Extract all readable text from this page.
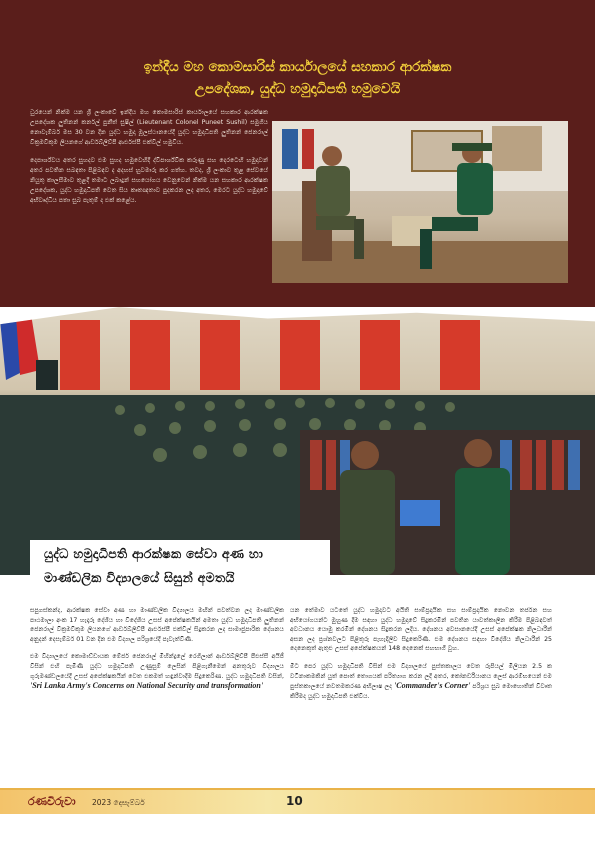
ඉන්දීය මහ කොමසාරිස් කාර්යාලයේ සහකාර ආරක්ෂක
උපදේශක, යුද්ධ හමුදාධිපති හමුවෙයි

ධුරයෙන් නික්ම යන ශ්‍රී ලංකාවේ ඉන්දීය මහ කොමසාරිස් කාර්යාලයේ සහකාර ආරක්ෂක උපදේශක ලුතිනන් කර්නල් පුනීත් සුෂිල් (Lieutenant Colonel Puneet Sushil) සමුගිය නොවැම්බර් මස 30 වන දින යුද්ධ හමුදා මූලස්ථානයේදී යුද්ධ හමුදාධිපති ලුතිනන් ජෙනරාල් වික්‍රමවිකුම ලියනගේ ආර්ඩබ්ලිව්පී ආර්එස්පී එක්වීල් හමුවිය.

දෙපාර්ශ්වය අතර සුහදව එම සුහද හමුවෙහිදී ද්විපාර්ශ්වික කරුණු සහ දෙරටෙහි හමුදාවන් අතර පවතින සබඳතා පිළිබඳව ද අදහස් හුවමාරු කර ගත්හ. තවද, ශ්‍රී ලංකාව තුළ සේවයේ නියුතු කාලසීමාව තුළදී තමාට ලබාදුන් සහයෝගය වෙනුවෙන් නික්ම යන සහකාර ආරක්ෂක උපදේශක, යුද්ධ හමුදාධිපති වෙත සිය කෘතඥතාව පුදකරන ලද අතර, මෙරට යුද්ධ හමුදාවේ අභිවෘද්ධිය පතා සුබ පැතුම් ද එක් කළේය.

යුද්ධ හමුදාධිපති ආරක්ෂක සේවා අණ හා
මාණ්ඩලික විද්‍යාලයේ සිසුන් අමතයි

සපුගස්කන්ද, ආරක්ෂක සේවා අණ හා මාණ්ඩලික විද්‍යාලය මඟින් පවත්වන ලද මාණ්ඩලික පාඨමාලා අංක 17 හැදෑරූ දේශීය හා විදේශීය උසස් අපේක්ෂකයින් අමතා යුද්ධ හමුදාධිපති ලුතිනන් ජෙනරාල් වික්‍රමවිකුම ලියනගේ ආර්ඩබ්ලිව්පී ආර්එස්පී එක්වීල් සිදුකරන ලද සාමාජුපාරික දේශනය අනුදන් දෙසැම්බර් 01 වන දින එම විද්‍යාල පරිශ්‍රයේදී පැවැත්විණි.

එම විද්‍යාලයේ කොමාඩ්ඩායක මේජර් ජෙනරාල් මිහින්ද්‍රලේ රෙගිලාන් ආර්ඩබ්ලිව්පී පීඑස්සී අයිජී විසින් එහි පැමිණි යුද්ධ හමුදාධිපති උණුසුම් ලෙසින් පිළිගැනීමෙන් අනතුරුව විද්‍යාලය ගුරුමණ්ඩලයේදී උසස් අපේක්ෂකයින් වෙත එකමත් හඳුන්වාදීම සිදුකෙරිණ. යුද්ධ හමුදාධිපති වසින්, 'Sri Lanka Army's Concerns on National Security and transformation'

යන තේමාව යටතේ යුද්ධ හමුදාවට අයිති සාම්ප්‍රදායික සහ සාම්ප්‍රදායික නොවන තර්ජන සහ අභියෝගයන්ට මුහුණ දීම සඳහා යුද්ධ හමුදාවේ සිදුකරමින් පවතින යාවත්කාලීන කිරීම පිළිබඳවත් අවධානය යොමු කරමින් දේශනය සිදුකරන ලදිය. දේශනය අවසානයේදී උසස් අපේක්ෂක නිලධාරීන් අසන ලද ප්‍රශ්නවලට පිළිතුරු පැහැදිලිව සිදුකෙරිණි. එම දේශනය සඳහා විදේශීය නිලධාරීන් 25 දෙනෙකුත් ඇතුළු උසස් අපේක්ෂකයන් 148 දෙනෙක් සහභාගී වූහ.

මීට පෙර යුද්ධ හමුදාධිපති විසින් එම විද්‍යාලයේ පුස්තකාලය වෙත රුපියල් මිලියන 2.5 ක වටිනාකමකින් යුත් පොත් තොගයක් පරිත්‍යාග කරන ලදි අතර, කෝනර්ඩියානය ලෙස් ආරම්භයෙන් එම පුස්තකාලයේ නවතමකරණ අභිලාෂ ලද 'Commander's Corner' පරිශ්‍රය සුබ මොහොතින් විවෘත කිරීමද යුද්ධ හමුදාධිපති එක්විය.

රණවිරුවා 2023 දෙසැම්බර්	10
